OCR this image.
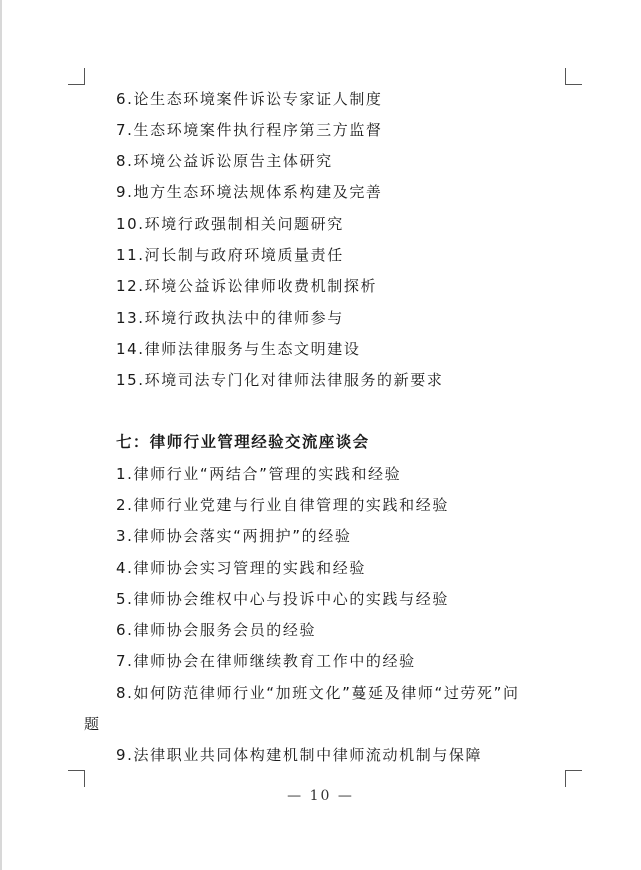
6.论生态环境案件诉讼专家证人制度
7.生态环境案件执行程序第三方监督
8.环境公益诉讼原告主体研究
9.地方生态环境法规体系构建及完善
10.环境行政强制相关问题研究
11.河长制与政府环境质量责任
12.环境公益诉讼律师收费机制探析
13.环境行政执法中的律师参与
14.律师法律服务与生态文明建设
15.环境司法专门化对律师法律服务的新要求
七：律师行业管理经验交流座谈会
1.律师行业“两结合”管理的实践和经验
2.律师行业党建与行业自律管理的实践和经验
3.律师协会落实“两拥护”的经验
4.律师协会实习管理的实践和经验
5.律师协会维权中心与投诉中心的实践与经验
6.律师协会服务会员的经验
7.律师协会在律师继续教育工作中的经验
8.如何防范律师行业“加班文化”蔓延及律师“过劳死”问
题
9.法律职业共同体构建机制中律师流动机制与保障
— 10 —
